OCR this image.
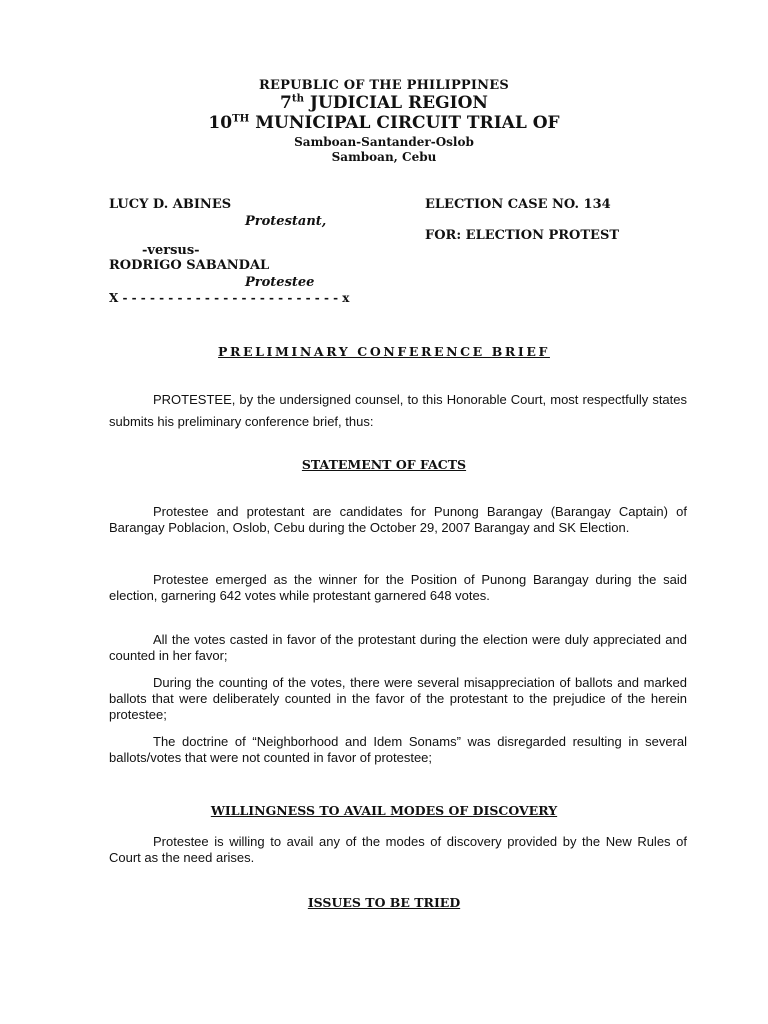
REPUBLIC OF THE PHILIPPINES
7th JUDICIAL REGION
10TH MUNICIPAL CIRCUIT TRIAL OF
Samboan-Santander-Oslob
Samboan, Cebu
LUCY D. ABINES
Protestant,
-versus-
RODRIGO SABANDAL
Protestee
X - - - - - - - - - - - - - - - - - - - - - - - - x
ELECTION CASE NO. 134
FOR: ELECTION PROTEST
PRELIMINARY CONFERENCE BRIEF

PROTESTEE, by the undersigned counsel, to this Honorable Court, most respectfully states submits his preliminary conference brief, thus:

STATEMENT OF FACTS

Protestee and protestant are candidates for Punong Barangay (Barangay Captain) of Barangay Poblacion, Oslob, Cebu during the October 29, 2007 Barangay and SK Election.

Protestee emerged as the winner for the Position of Punong Barangay during the said election, garnering 642 votes while protestant garnered 648 votes.

All the votes casted in favor of the protestant during the election were duly appreciated and counted in her favor;

During the counting of the votes, there were several misappreciation of ballots and marked ballots that were deliberately counted in the favor of the protestant to the prejudice of the herein protestee;

The doctrine of “Neighborhood and Idem Sonams” was disregarded resulting in several ballots/votes that were not counted in favor of protestee;

WILLINGNESS TO AVAIL MODES OF DISCOVERY

Protestee is willing to avail any of the modes of discovery provided by the New Rules of Court as the need arises.

ISSUES TO BE TRIED
